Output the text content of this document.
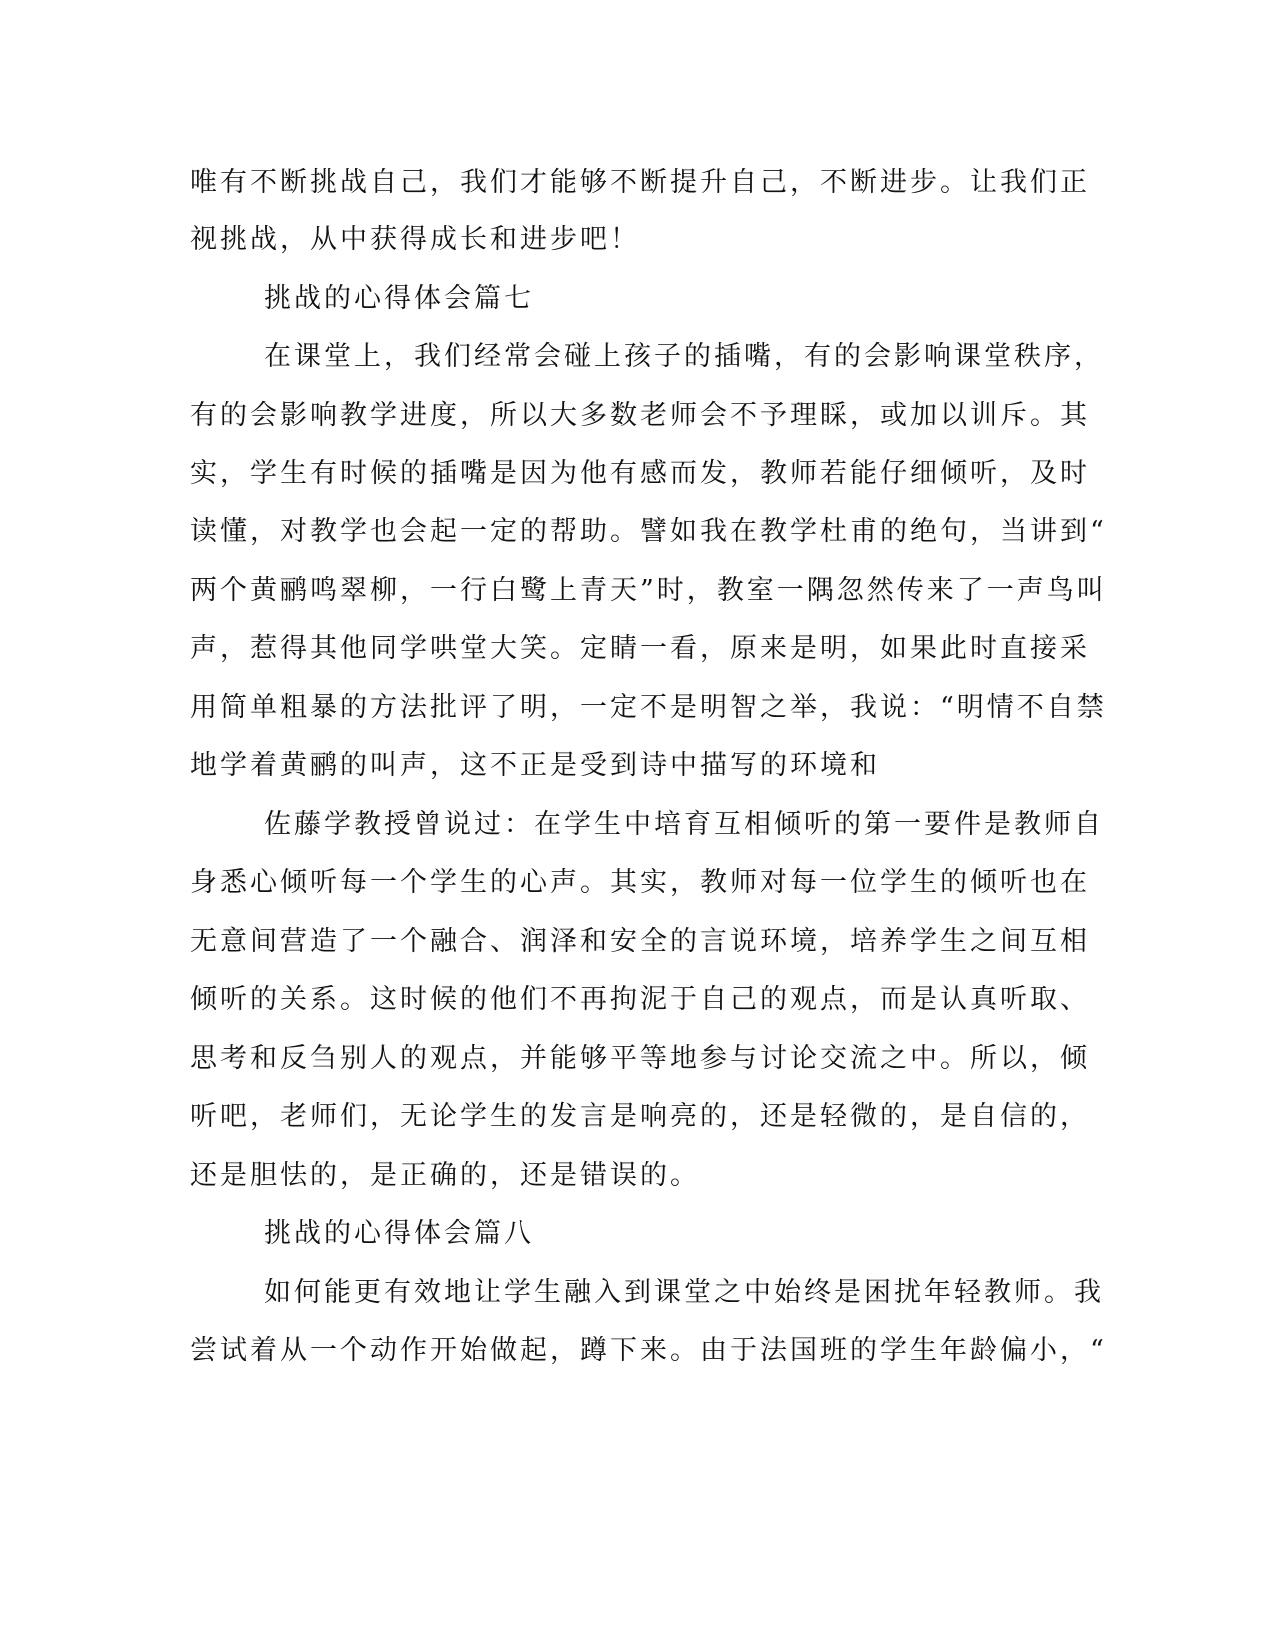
唯有不断挑战自己，我们才能够不断提升自己，不断进步。让我们正
视挑战，从中获得成长和进步吧！
挑战的心得体会篇七
在课堂上，我们经常会碰上孩子的插嘴，有的会影响课堂秩序，
有的会影响教学进度，所以大多数老师会不予理睬，或加以训斥。其
实，学生有时候的插嘴是因为他有感而发，教师若能仔细倾听，及时
读懂，对教学也会起一定的帮助。譬如我在教学杜甫的绝句，当讲到“
两个黄鹂鸣翠柳，一行白鹭上青天”时，教室一隅忽然传来了一声鸟叫
声，惹得其他同学哄堂大笑。定睛一看，原来是明，如果此时直接采
用简单粗暴的方法批评了明，一定不是明智之举，我说：“明情不自禁
地学着黄鹂的叫声，这不正是受到诗中描写的环境和
佐藤学教授曾说过：在学生中培育互相倾听的第一要件是教师自
身悉心倾听每一个学生的心声。其实，教师对每一位学生的倾听也在
无意间营造了一个融合、润泽和安全的言说环境，培养学生之间互相
倾听的关系。这时候的他们不再拘泥于自己的观点，而是认真听取、
思考和反刍别人的观点，并能够平等地参与讨论交流之中。所以，倾
听吧，老师们，无论学生的发言是响亮的，还是轻微的，是自信的，
还是胆怯的，是正确的，还是错误的。
挑战的心得体会篇八
如何能更有效地让学生融入到课堂之中始终是困扰年轻教师。我
尝试着从一个动作开始做起，蹲下来。由于法国班的学生年龄偏小，“
